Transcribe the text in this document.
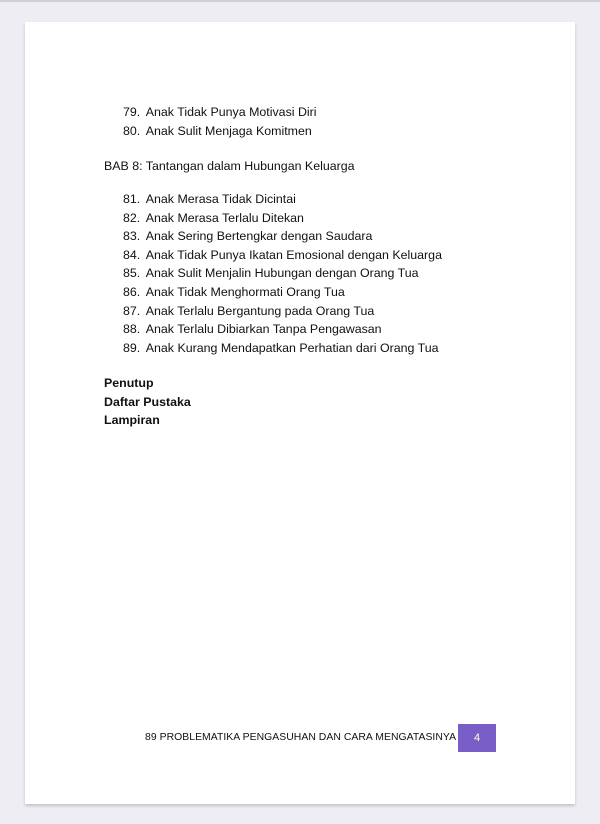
79. Anak Tidak Punya Motivasi Diri
80. Anak Sulit Menjaga Komitmen
BAB 8: Tantangan dalam Hubungan Keluarga
81. Anak Merasa Tidak Dicintai
82. Anak Merasa Terlalu Ditekan
83. Anak Sering Bertengkar dengan Saudara
84. Anak Tidak Punya Ikatan Emosional dengan Keluarga
85. Anak Sulit Menjalin Hubungan dengan Orang Tua
86. Anak Tidak Menghormati Orang Tua
87. Anak Terlalu Bergantung pada Orang Tua
88. Anak Terlalu Dibiarkan Tanpa Pengawasan
89. Anak Kurang Mendapatkan Perhatian dari Orang Tua
Penutup
Daftar Pustaka
Lampiran
89 PROBLEMATIKA PENGASUHAN DAN CARA MENGATASINYA	4
